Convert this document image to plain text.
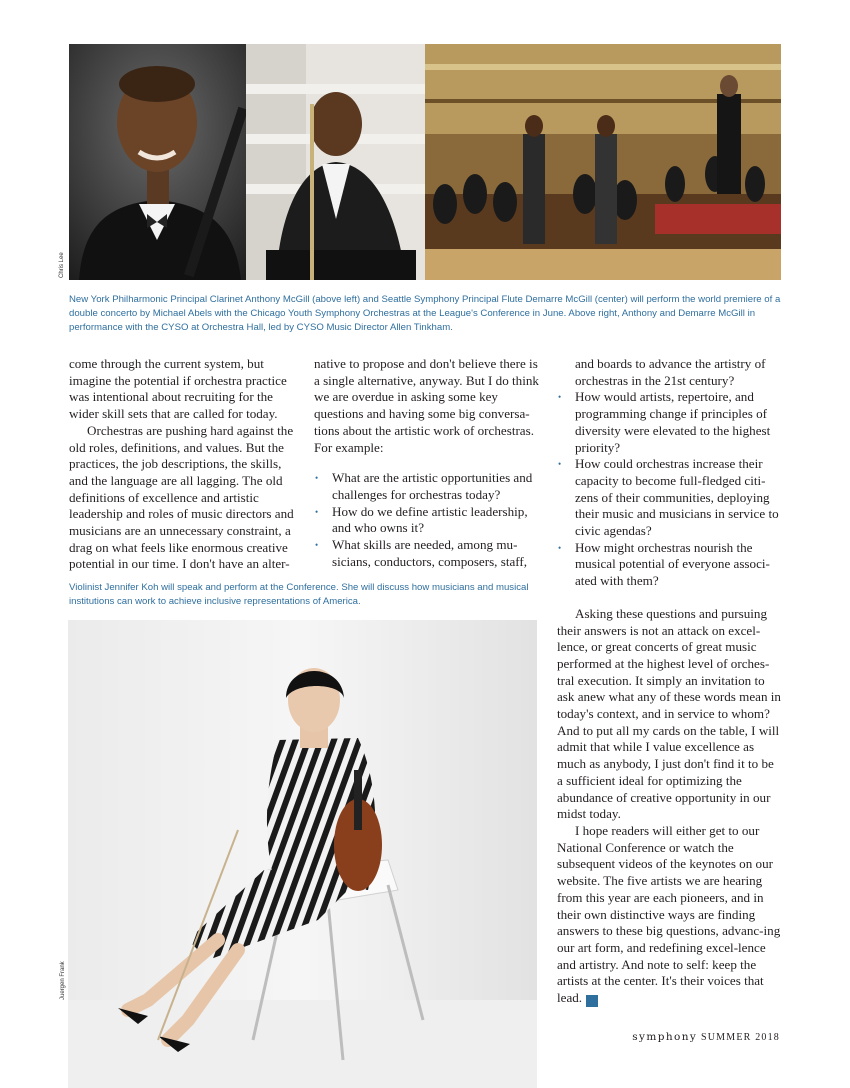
Chris Lee
New York Philharmonic Principal Clarinet Anthony McGill (above left) and Seattle Symphony Principal Flute Demarre McGill (center) will perform the world premiere of a double concerto by Michael Abels with the Chicago Youth Symphony Orchestras at the League's Conference in June. Above right, Anthony and Demarre McGill in performance with the CYSO at Orchestra Hall, led by CYSO Music Director Allen Tinkham.

come through the current system, but imagine the potential if orchestra practice was intentional about recruiting for the wider skill sets that are called for today.

Orchestras are pushing hard against the old roles, definitions, and values. But the practices, the job descriptions, the skills, and the language are all lagging. The old definitions of excellence and artistic leadership and roles of music directors and musicians are an unnecessary constraint, a drag on what feels like enormous creative potential in our time. I don't have an alter-

native to propose and don't believe there is a single alternative, anyway. But I do think we are overdue in asking some key questions and having some big conversa-tions about the artistic work of orchestras. For example:

• What are the artistic opportunities and challenges for orchestras today?
• How do we define artistic leadership, and who owns it?
• What skills are needed, among mu-sicians, conductors, composers, staff,
Violinist Jennifer Koh will speak and perform at the Conference. She will discuss how musicians and musical institutions can work to achieve inclusive representations of America.
Juergen Frank

and boards to advance the artistry of orchestras in the 21st century?

• How would artists, repertoire, and programming change if principles of diversity were elevated to the highest priority?
• How could orchestras increase their capacity to become full-fledged citi-zens of their communities, deploying their music and musicians in service to civic agendas?
• How might orchestras nourish the musical potential of everyone associ-ated with them?

Asking these questions and pursuing their answers is not an attack on excel-lence, or great concerts of great music performed at the highest level of orches-tral execution. It simply an invitation to ask anew what any of these words mean in today's context, and in service to whom? And to put all my cards on the table, I will admit that while I value excellence as much as anybody, I just don't find it to be a sufficient ideal for optimizing the abundance of creative opportunity in our midst today.

I hope readers will either get to our National Conference or watch the subsequent videos of the keynotes on our website. The five artists we are hearing from this year are each pioneers, and in their own distinctive ways are finding answers to these big questions, advanc-ing our art form, and redefining excel-lence and artistry. And note to self: keep the artists at the center. It's their voices that lead. S

symphony SUMMER 2018
